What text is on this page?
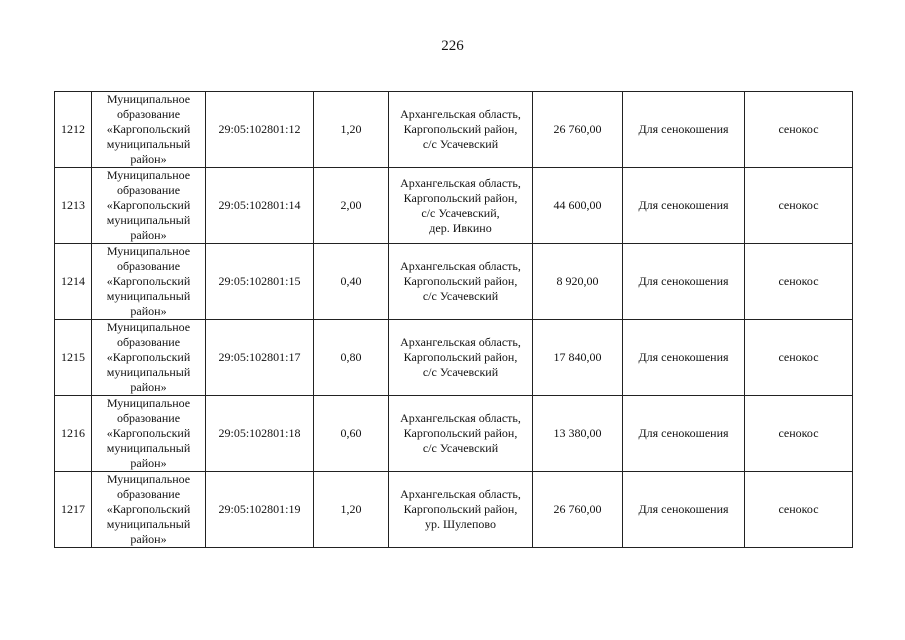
226
1212	Муниципальное
образование
«Каргопольский
муниципальный
район»	29:05:102801:12	1,20	Архангельская область,
Каргопольский район,
с/с Усачевский	26 760,00	Для сенокошения	сенокос
1213	Муниципальное
образование
«Каргопольский
муниципальный
район»	29:05:102801:14	2,00	Архангельская область,
Каргопольский район,
с/с Усачевский,
дер. Ивкино	44 600,00	Для сенокошения	сенокос
1214	Муниципальное
образование
«Каргопольский
муниципальный
район»	29:05:102801:15	0,40	Архангельская область,
Каргопольский район,
с/с Усачевский	8 920,00	Для сенокошения	сенокос
1215	Муниципальное
образование
«Каргопольский
муниципальный
район»	29:05:102801:17	0,80	Архангельская область,
Каргопольский район,
с/с Усачевский	17 840,00	Для сенокошения	сенокос
1216	Муниципальное
образование
«Каргопольский
муниципальный
район»	29:05:102801:18	0,60	Архангельская область,
Каргопольский район,
с/с Усачевский	13 380,00	Для сенокошения	сенокос
1217	Муниципальное
образование
«Каргопольский
муниципальный
район»	29:05:102801:19	1,20	Архангельская область,
Каргопольский район,
ур. Шулепово	26 760,00	Для сенокошения	сенокос
